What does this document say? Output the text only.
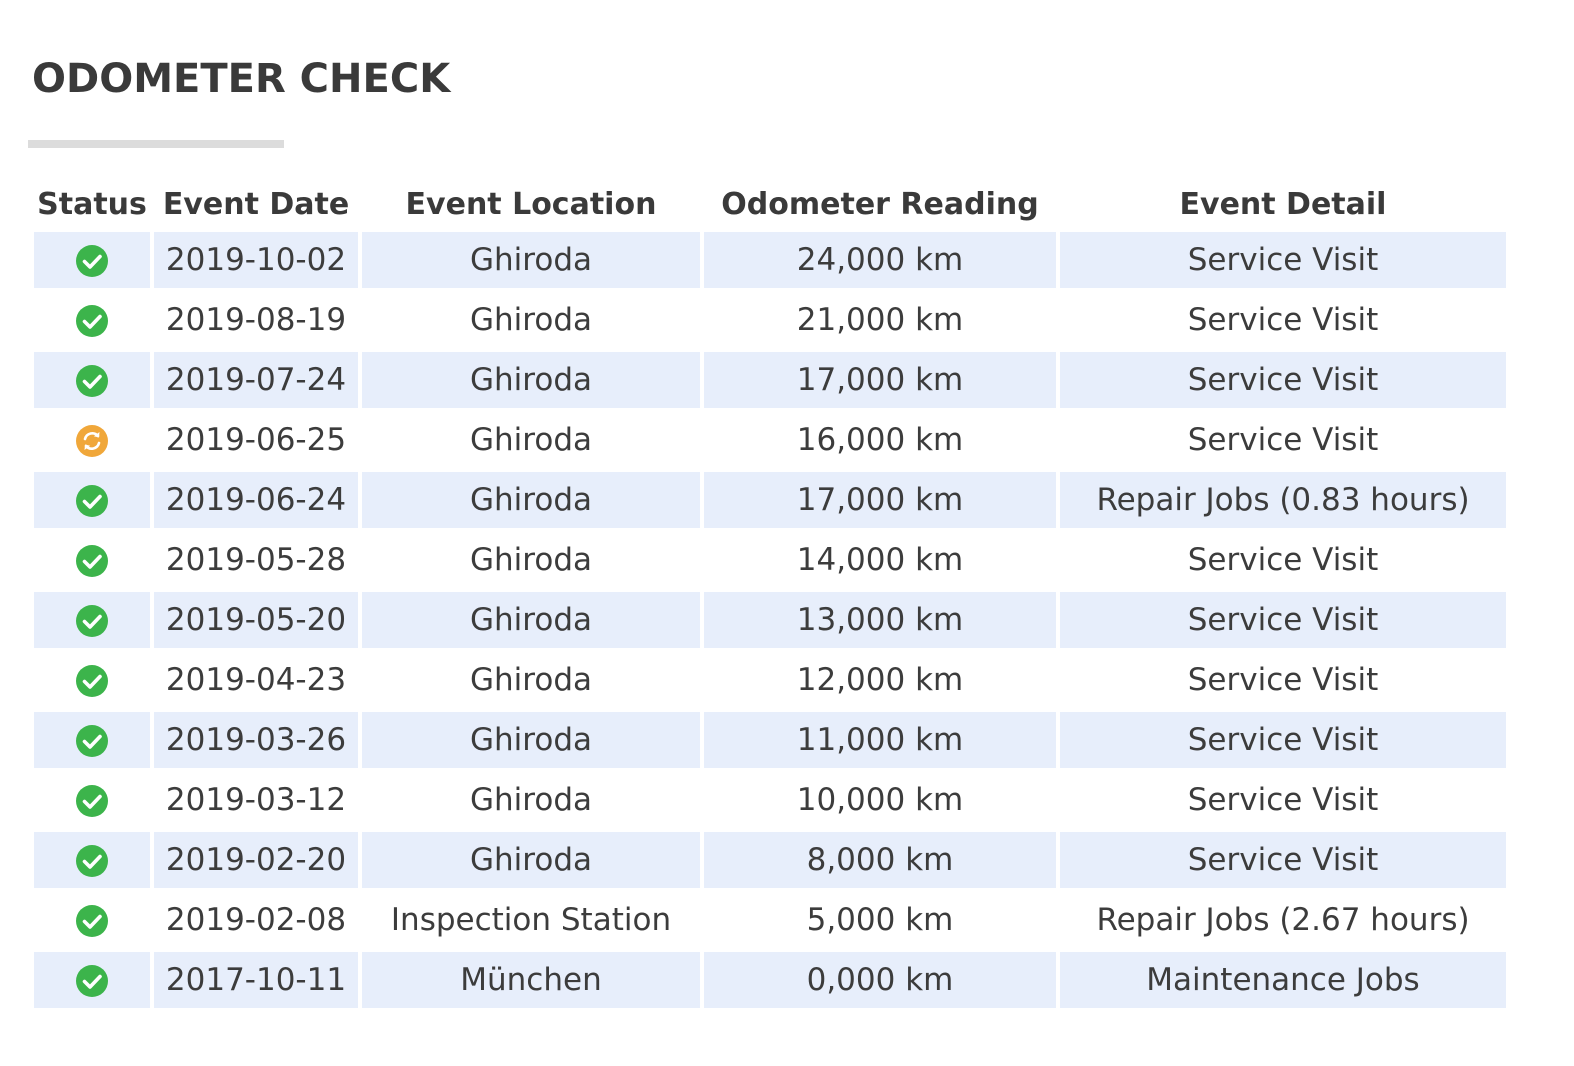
ODOMETER CHECK
Status	Event Date	Event Location	Odometer Reading	Event Detail
	2019-10-02	Ghiroda	24,000 km	Service Visit
	2019-08-19	Ghiroda	21,000 km	Service Visit
	2019-07-24	Ghiroda	17,000 km	Service Visit
	2019-06-25	Ghiroda	16,000 km	Service Visit
	2019-06-24	Ghiroda	17,000 km	Repair Jobs (0.83 hours)
	2019-05-28	Ghiroda	14,000 km	Service Visit
	2019-05-20	Ghiroda	13,000 km	Service Visit
	2019-04-23	Ghiroda	12,000 km	Service Visit
	2019-03-26	Ghiroda	11,000 km	Service Visit
	2019-03-12	Ghiroda	10,000 km	Service Visit
	2019-02-20	Ghiroda	8,000 km	Service Visit
	2019-02-08	Inspection Station	5,000 km	Repair Jobs (2.67 hours)
	2017-10-11	München	0,000 km	Maintenance Jobs
